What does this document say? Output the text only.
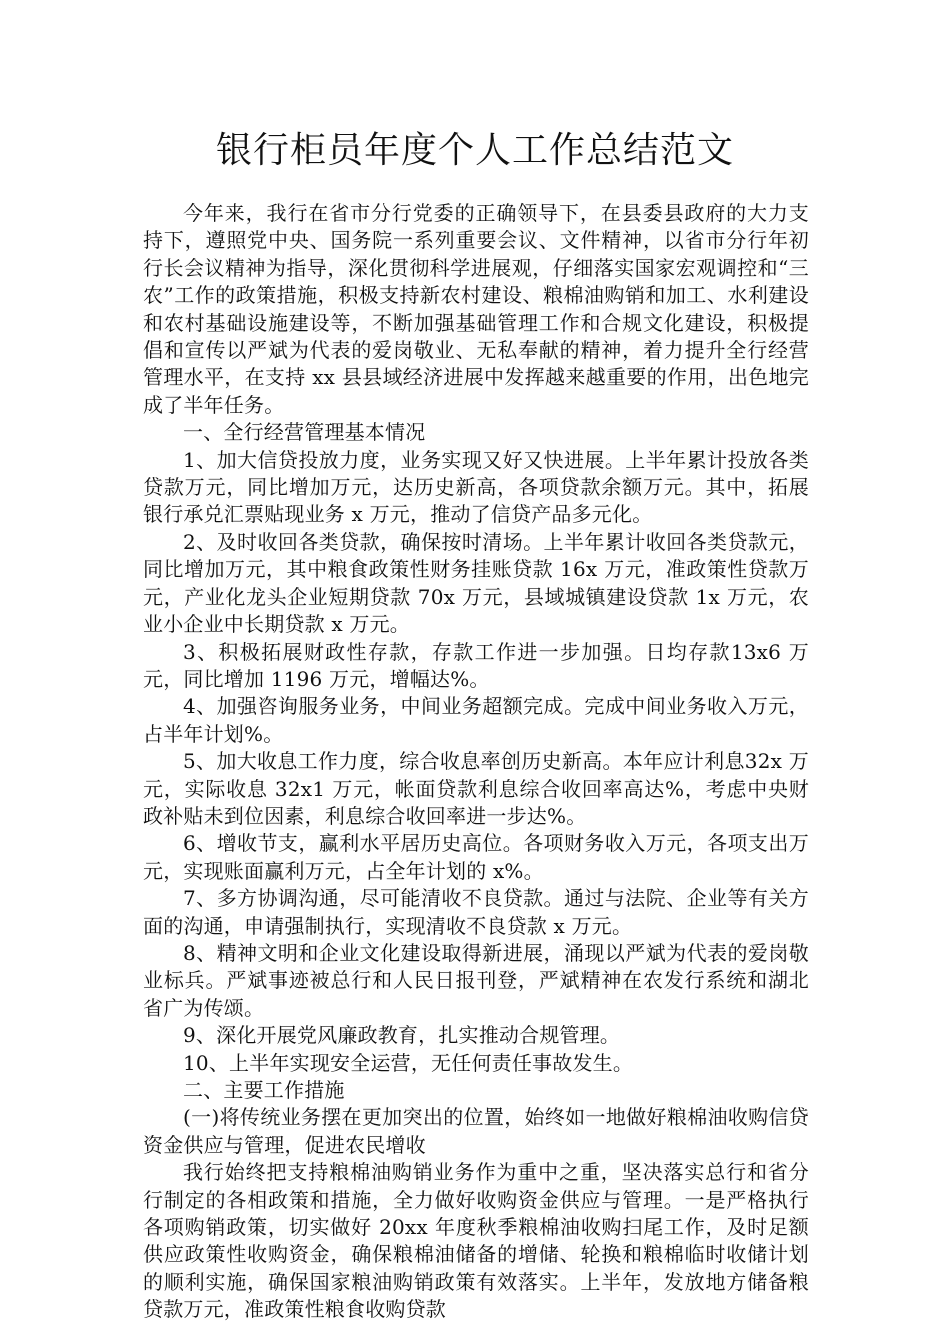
银行柜员年度个人工作总结范文

今年来，我行在省市分行党委的正确领导下，在县委县政府的大力支持下，遵照党中央、国务院一系列重要会议、文件精神，以省市分行年初行长会议精神为指导，深化贯彻科学进展观，仔细落实国家宏观调控和“三农”工作的政策措施，积极支持新农村建设、粮棉油购销和加工、水利建设和农村基础设施建设等，不断加强基础管理工作和合规文化建设，积极提倡和宣传以严斌为代表的爱岗敬业、无私奉献的精神，着力提升全行经营管理水平，在支持 xx 县县域经济进展中发挥越来越重要的作用，出色地完成了半年任务。

一、全行经营管理基本情况

1、加大信贷投放力度，业务实现又好又快进展。上半年累计投放各类贷款万元，同比增加万元，达历史新高，各项贷款余额万元。其中，拓展银行承兑汇票贴现业务 x 万元，推动了信贷产品多元化。

2、及时收回各类贷款，确保按时清场。上半年累计收回各类贷款元，同比增加万元，其中粮食政策性财务挂账贷款 16x 万元，准政策性贷款万元，产业化龙头企业短期贷款 70x 万元，县域城镇建设贷款 1x 万元，农业小企业中长期贷款 x 万元。

3、积极拓展财政性存款，存款工作进一步加强。日均存款13x6 万元，同比增加 1196 万元，增幅达%。

4、加强咨询服务业务，中间业务超额完成。完成中间业务收入万元，占半年计划%。

5、加大收息工作力度，综合收息率创历史新高。本年应计利息32x 万元，实际收息 32x1 万元，帐面贷款利息综合收回率高达%，考虑中央财政补贴未到位因素，利息综合收回率进一步达%。

6、增收节支，赢利水平居历史高位。各项财务收入万元，各项支出万元，实现账面赢利万元，占全年计划的 x%。

7、多方协调沟通，尽可能清收不良贷款。通过与法院、企业等有关方面的沟通，申请强制执行，实现清收不良贷款 x 万元。

8、精神文明和企业文化建设取得新进展，涌现以严斌为代表的爱岗敬业标兵。严斌事迹被总行和人民日报刊登，严斌精神在农发行系统和湖北省广为传颂。

9、深化开展党风廉政教育，扎实推动合规管理。

10、上半年实现安全运营，无任何责任事故发生。

二、主要工作措施

(一)将传统业务摆在更加突出的位置，始终如一地做好粮棉油收购信贷资金供应与管理，促进农民增收

我行始终把支持粮棉油购销业务作为重中之重，坚决落实总行和省分行制定的各相政策和措施，全力做好收购资金供应与管理。一是严格执行各项购销政策，切实做好 20xx 年度秋季粮棉油收购扫尾工作，及时足额供应政策性收购资金，确保粮棉油储备的增储、轮换和粮棉临时收储计划的顺利实施，确保国家粮油购销政策有效落实。上半年，发放地方储备粮贷款万元，准政策性粮食收购贷款
